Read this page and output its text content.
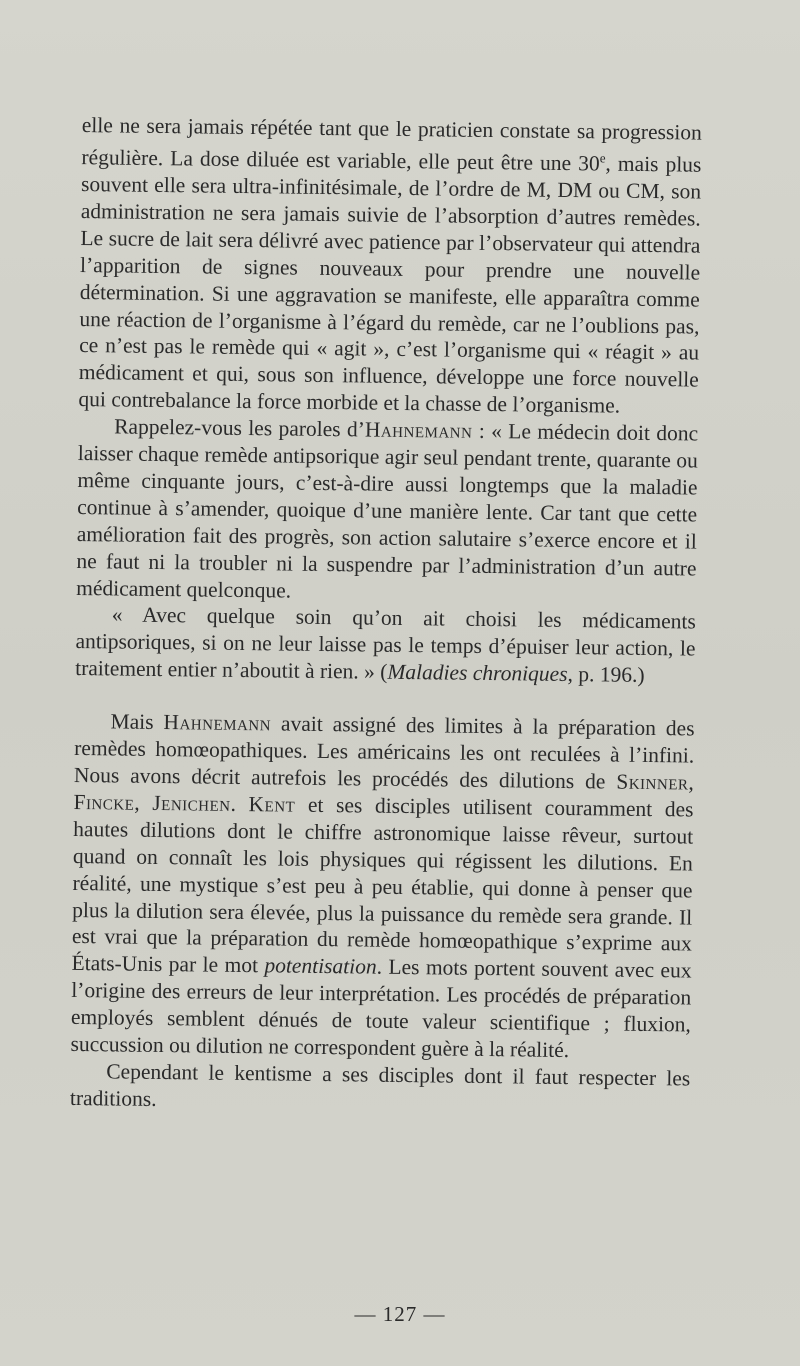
elle ne sera jamais répétée tant que le praticien constate sa progression régulière. La dose diluée est variable, elle peut être une 30e, mais plus souvent elle sera ultra-infinitésimale, de l’ordre de M, DM ou CM, son administration ne sera jamais suivie de l’absorption d’autres remèdes. Le sucre de lait sera délivré avec patience par l’observateur qui attendra l’apparition de signes nouveaux pour prendre une nouvelle détermination. Si une aggravation se manifeste, elle apparaîtra comme une réaction de l’organisme à l’égard du remède, car ne l’oublions pas, ce n’est pas le remède qui « agit », c’est l’organisme qui « réagit » au médicament et qui, sous son influence, développe une force nouvelle qui contrebalance la force morbide et la chasse de l’organisme.

Rappelez-vous les paroles d’Hahnemann : « Le médecin doit donc laisser chaque remède antipsorique agir seul pendant trente, quarante ou même cinquante jours, c’est-à-dire aussi longtemps que la maladie continue à s’amender, quoique d’une manière lente. Car tant que cette amélioration fait des progrès, son action salutaire s’exerce encore et il ne faut ni la troubler ni la suspendre par l’administration d’un autre médicament quelconque.

« Avec quelque soin qu’on ait choisi les médicaments antipsoriques, si on ne leur laisse pas le temps d’épuiser leur action, le traitement entier n’aboutit à rien. » (Maladies chroniques, p. 196.)

Mais Hahnemann avait assigné des limites à la préparation des remèdes homœopathiques. Les américains les ont reculées à l’infini. Nous avons décrit autrefois les procédés des dilutions de Skinner, Fincke, Jenichen. Kent et ses disciples utilisent couramment des hautes dilutions dont le chiffre astronomique laisse rêveur, surtout quand on connaît les lois physiques qui régissent les dilutions. En réalité, une mystique s’est peu à peu établie, qui donne à penser que plus la dilution sera élevée, plus la puissance du remède sera grande. Il est vrai que la préparation du remède homœopathique s’exprime aux États-Unis par le mot potentisation. Les mots portent souvent avec eux l’origine des erreurs de leur interprétation. Les procédés de préparation employés semblent dénués de toute valeur scientifique ; fluxion, succussion ou dilution ne correspondent guère à la réalité.

Cependant le kentisme a ses disciples dont il faut respecter les traditions.

— 127 —
